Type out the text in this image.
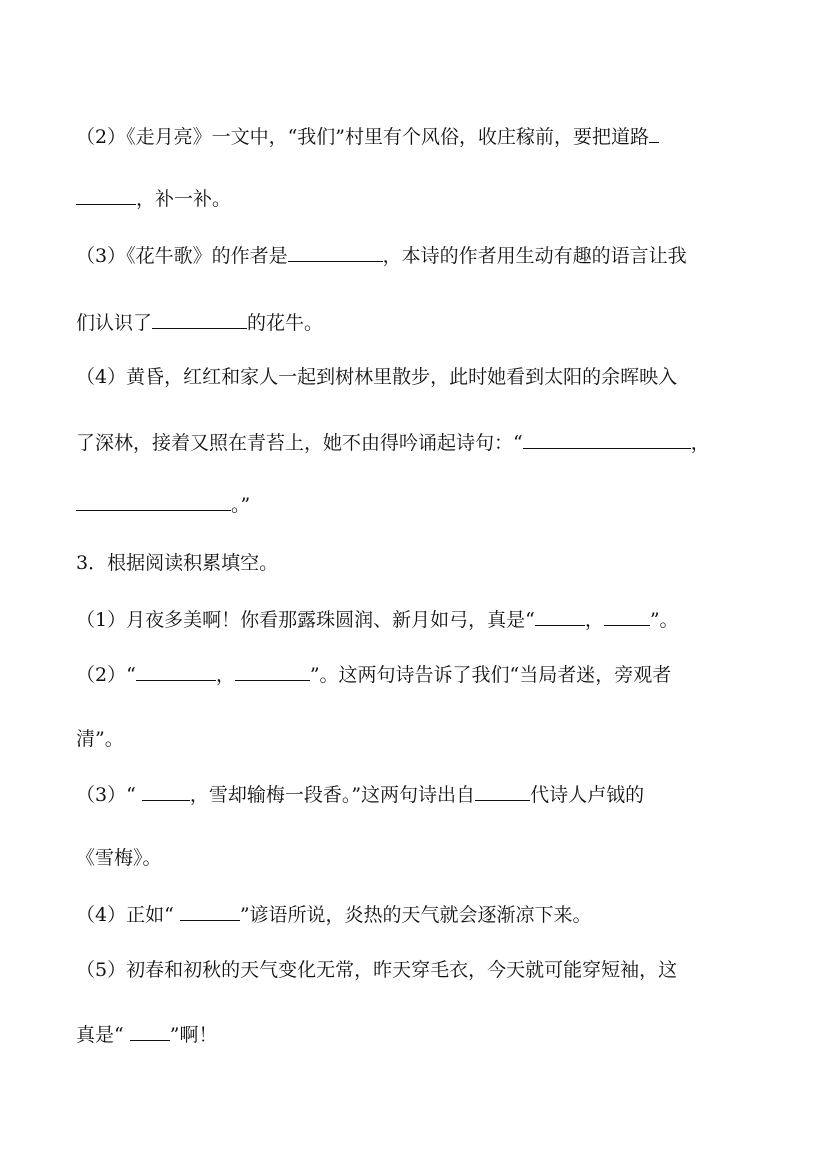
（2）《走月亮》一文中，“我们”村里有个风俗，收庄稼前，要把道路
，补一补。
（3）《花牛歌》的作者是	，本诗的作者用生动有趣的语言让我
们认识了	的花牛。
（4）黄昏，红红和家人一起到树林里散步，此时她看到太阳的余晖映入
了深林，接着又照在青苔上，她不由得吟诵起诗句：“	，
。”
3．根据阅读积累填空。
（1）月夜多美啊！你看那露珠圆润、新月如弓，真是“	， ”。
（2）“	，	”。这两句诗告诉了我们“当局者迷，旁观者
清”。
（3）“	，雪却输梅一段香。”这两句诗出自	代诗人卢钺的
《雪梅》。
（4）正如“	”谚语所说，炎热的天气就会逐渐凉下来。
（5）初春和初秋的天气变化无常，昨天穿毛衣，今天就可能穿短袖，这
真是“ ”啊！
